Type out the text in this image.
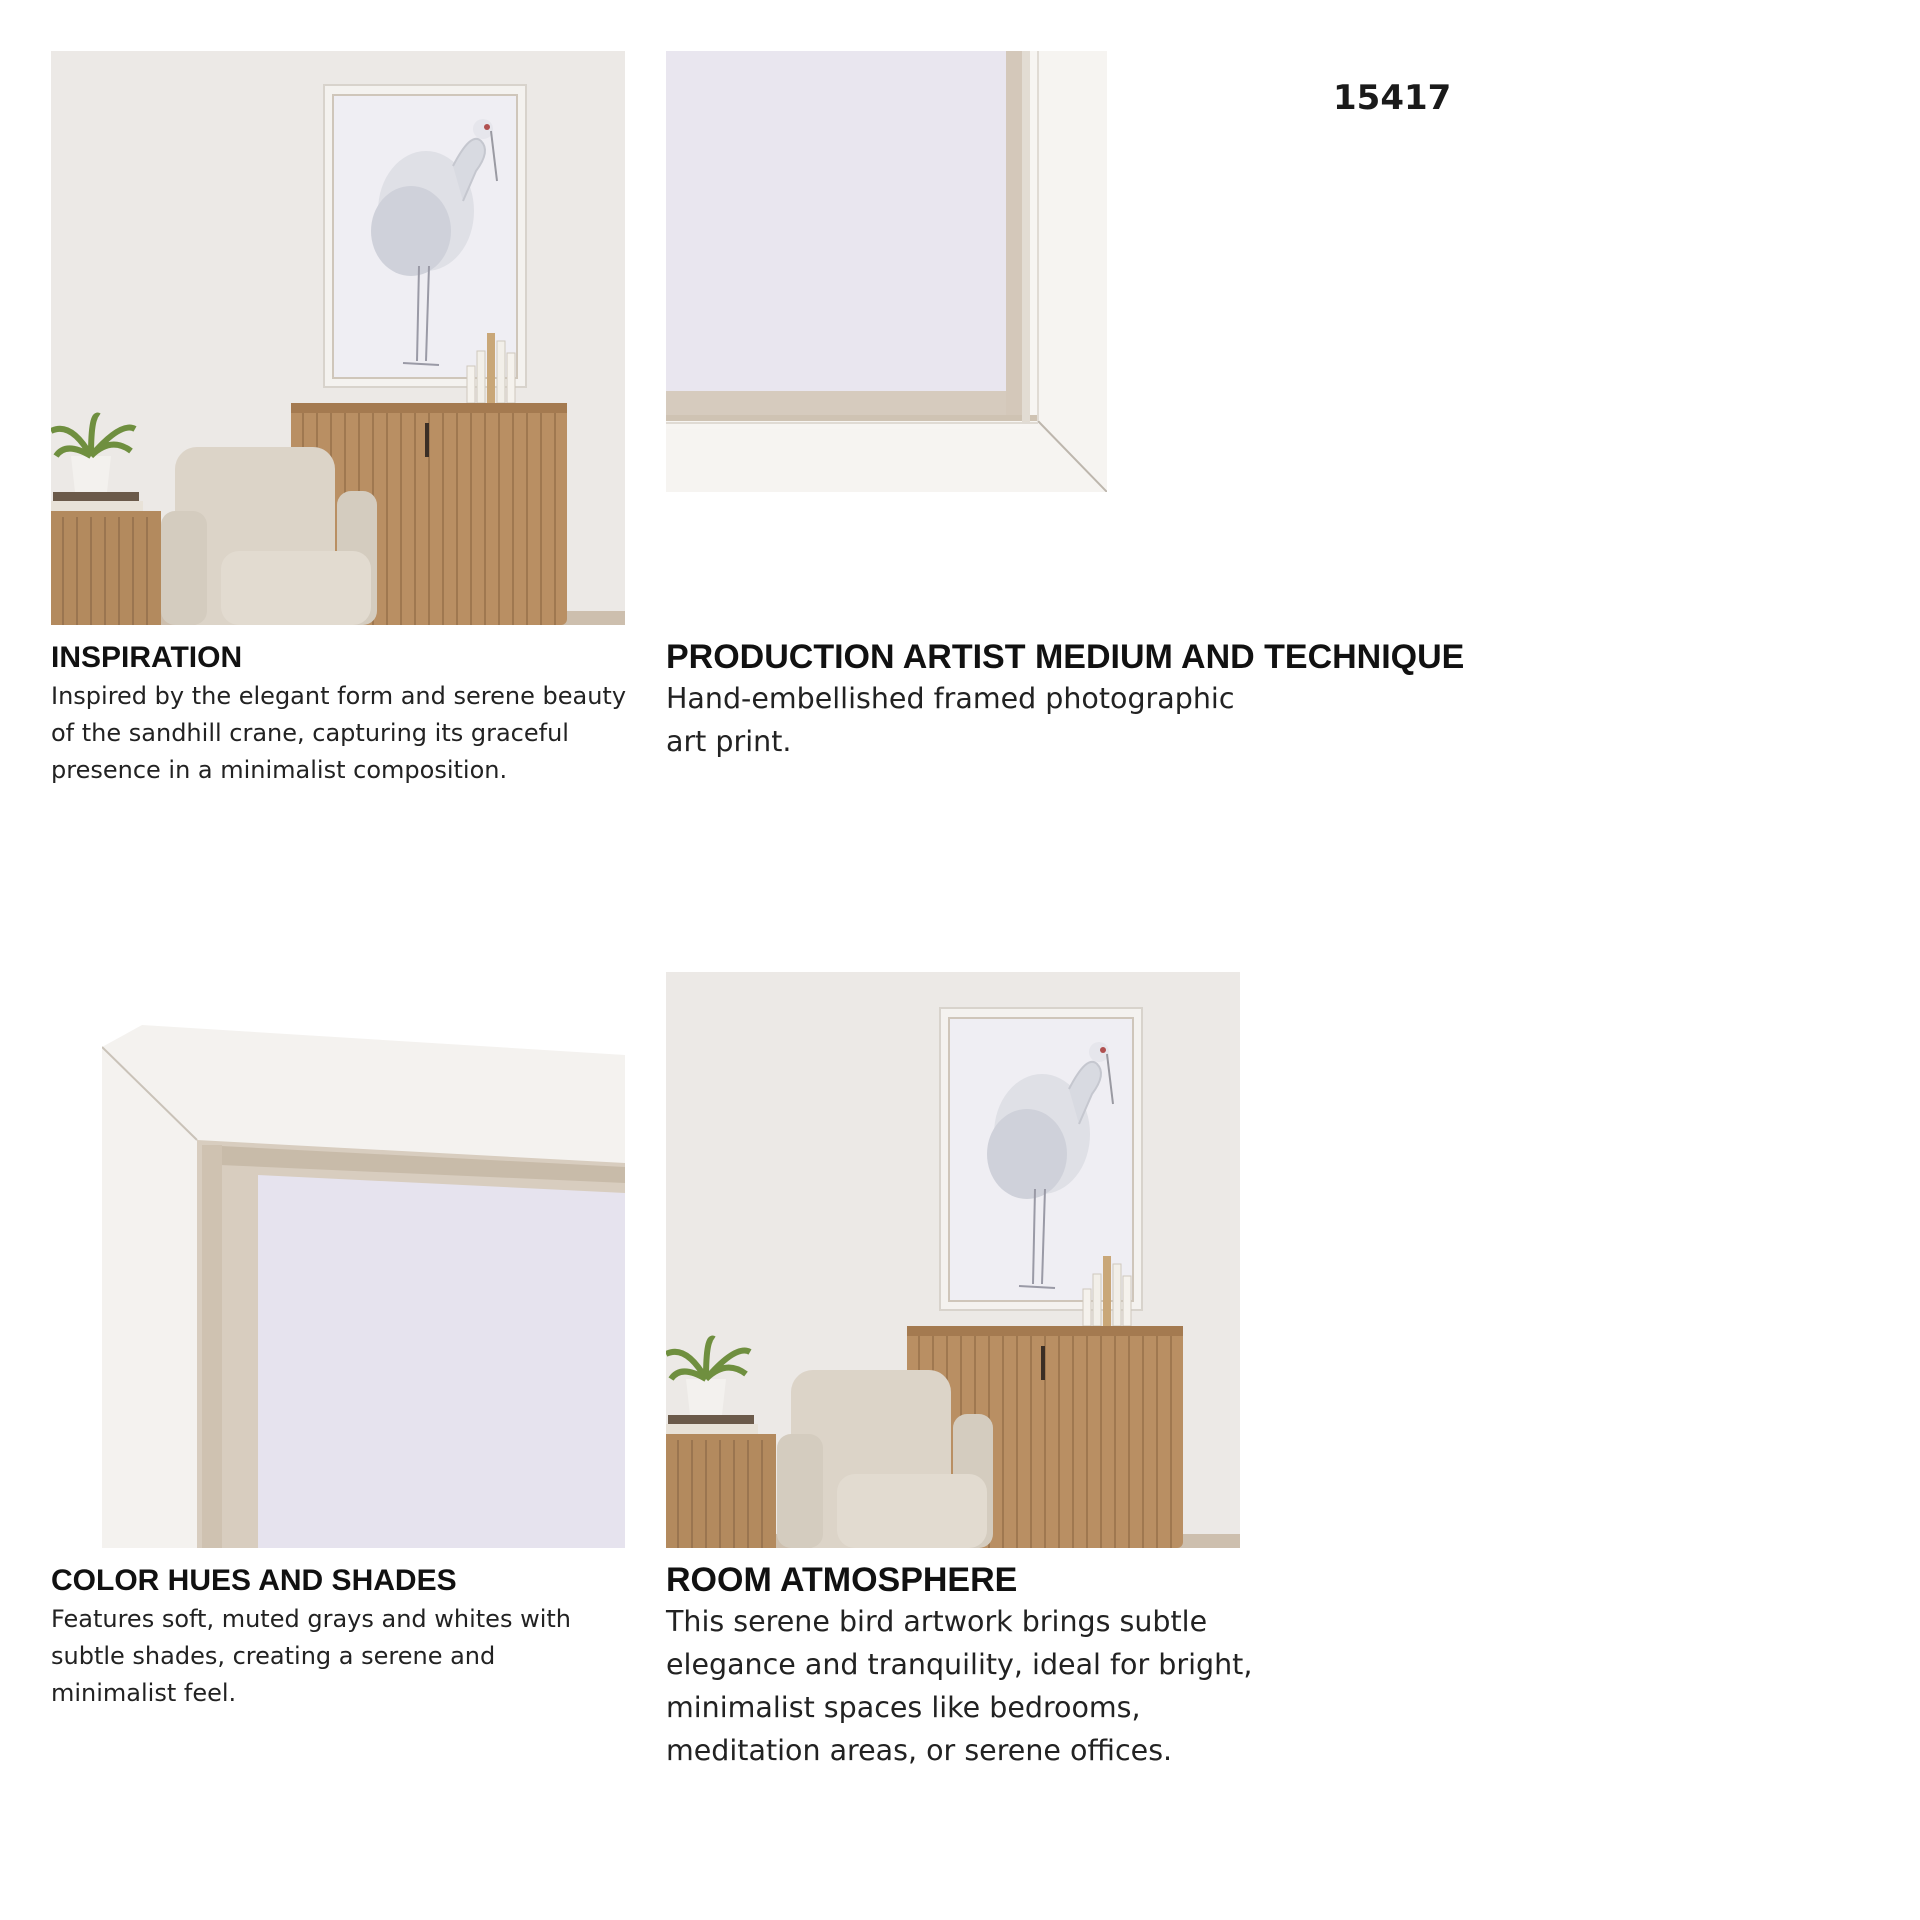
15417
INSPIRATION
Inspired by the elegant form and serene beauty of the sandhill crane, capturing its graceful presence in a minimalist composition.
PRODUCTION ARTIST MEDIUM AND TECHNIQUE
Hand-embellished framed photographic art print.
COLOR HUES AND SHADES
Features soft, muted grays and whites with subtle shades, creating a serene and minimalist feel.
ROOM ATMOSPHERE
This serene bird artwork brings subtle elegance and tranquility, ideal for bright, minimalist spaces like bedrooms, meditation areas, or serene offices.
